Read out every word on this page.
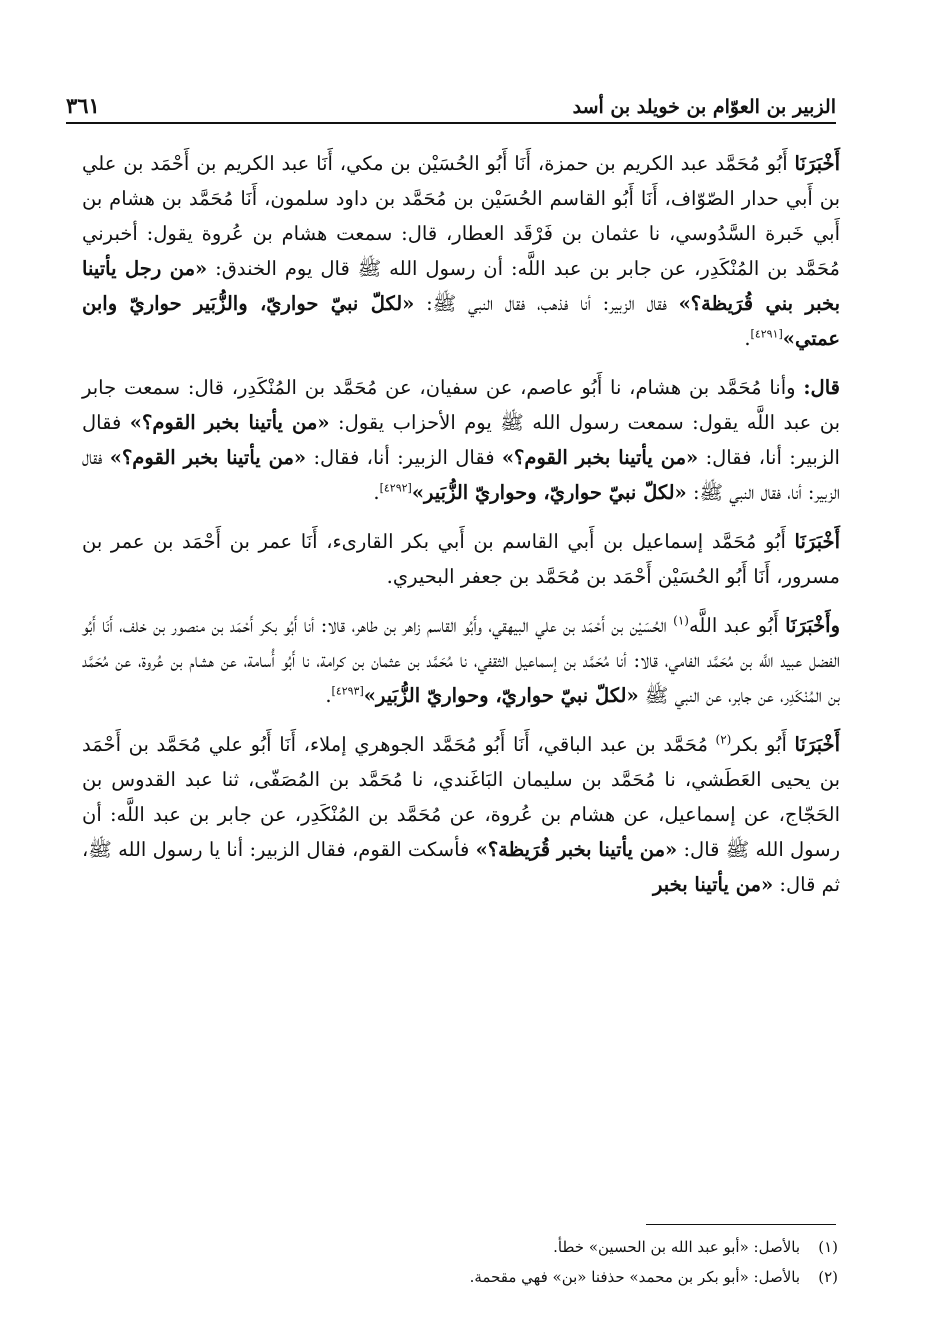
الزبير بن العوّام بن خويلد بن أسد
٣٦١

أَخْبَرَنَا أَبُو مُحَمَّد عبد الكريم بن حمزة، أَنَا أَبُو الحُسَيْن بن مكي، أَنَا عبد الكريم بن أَحْمَد بن علي بن أَبي حدار الصّوّاف، أَنَا أَبُو القاسم الحُسَيْن بن مُحَمَّد بن داود سلمون، أَنَا مُحَمَّد بن هشام بن أَبي خَبرة السَّدُوسي، نا عثمان بن فَرْقَد العطار، قال: سمعت هشام بن عُروة يقول: أخبرني مُحَمَّد بن المُنْكَدِر، عن جابر بن عبد اللَّه: أن رسول الله ﷺ قال يوم الخندق: «من رجل يأتينا بخبر بني قُرَيظة؟» فقال الزبير: أنا فذهب، فقال النبي ﷺ: «لكلّ نبيّ حواريّ، والزُّبَير حواريّ وابن عمتي»[٤٢٩١].

قال: وأنا مُحَمَّد بن هشام، نا أَبُو عاصم، عن سفيان، عن مُحَمَّد بن المُنْكَدِر، قال: سمعت جابر بن عبد اللَّه يقول: سمعت رسول الله ﷺ يوم الأحزاب يقول: «من يأتينا بخبر القوم؟» فقال الزبير: أنا، فقال: «من يأتينا بخبر القوم؟» فقال الزبير: أنا، فقال: «من يأتينا بخبر القوم؟» فقال الزبير: أنا، فقال النبي ﷺ: «لكلّ نبيّ حواريّ، وحواريّ الزُّبَير»[٤٢٩٢].

أَخْبَرَنَا أَبُو مُحَمَّد إسماعيل بن أَبي القاسم بن أَبي بكر القارىء، أَنَا عمر بن أَحْمَد بن عمر بن مسرور، أَنَا أَبُو الحُسَيْن أَحْمَد بن مُحَمَّد بن جعفر البحيري.

وأَخْبَرَنَا أَبُو عبد اللَّه$^{(١)}$ الحُسَيْن بن أَحْمَد بن علي البيهقي، وأَبُو القاسم زاهر بن طاهر، قالا: أنا أَبُو بكر أَحْمَد بن منصور بن خلف، أَنَا أَبُو الفضل عبيد اللَّه بن مُحَمَّد الفامي، قالا: أنا مُحَمَّد بن إسماعيل الثقفي، نا مُحَمَّد بن عثمان بن كرامة، نا أَبُو أُسامة، عن هشام بن عُروة، عن مُحَمَّد بن المُنْكَدِر، عن جابر، عن النبي ﷺ «لكلّ نبيّ حواريّ، وحواريّ الزُّبَير»[٤٢٩٣].

أَخْبَرَنَا أَبُو بكر$^{(٢)}$ مُحَمَّد بن عبد الباقي، أَنَا أَبُو مُحَمَّد الجوهري إملاء، أَنَا أَبُو علي مُحَمَّد بن أَحْمَد بن يحيى العَطَشي، نا مُحَمَّد بن سليمان البَاغَندي، نا مُحَمَّد بن المُصَفّى، ثنا عبد القدوس بن الحَجّاج، عن إسماعيل، عن هشام بن عُروة، عن مُحَمَّد بن المُنْكَدِر، عن جابر بن عبد اللَّه: أن رسول الله ﷺ قال: «من يأتينا بخبر قُرَيظة؟» فأسكت القوم، فقال الزبير: أنا يا رسول الله ﷺ، ثم قال: «من يأتينا بخبر

(١)بالأصل: «أبو عبد الله بن الحسين» خطأ.
(٢)بالأصل: «أبو بكر بن محمد» حذفنا «بن» فهي مقحمة.
